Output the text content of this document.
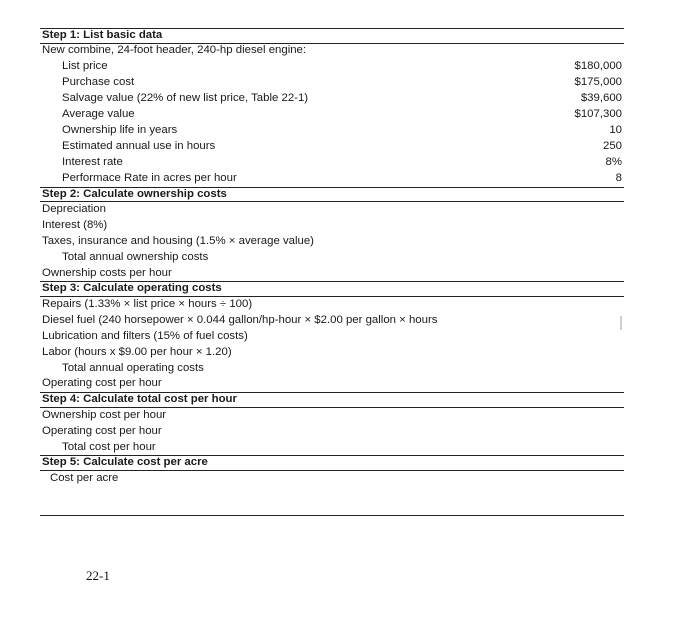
Step 1: List basic data
New combine, 24-foot header, 240-hp diesel engine:
List price	$180,000
Purchase cost	$175,000
Salvage value (22% of new list price, Table 22-1)	$39,600
Average value	$107,300
Ownership life in years	10
Estimated annual use in hours	250
Interest rate	8%
Performace Rate in acres per hour	8
Step 2: Calculate ownership costs
Depreciation
Interest (8%)
Taxes, insurance and housing (1.5% × average value)
Total annual ownership costs
Ownership costs per hour
Step 3: Calculate operating costs
Repairs (1.33% × list price × hours ÷ 100)
Diesel fuel (240 horsepower × 0.044 gallon/hp-hour × $2.00 per gallon × hours
Lubrication and filters (15% of fuel costs)
Labor (hours x $9.00 per hour × 1.20)
Total annual operating costs
Operating cost per hour
Step 4: Calculate total cost per hour
Ownership cost per hour
Operating cost per hour
Total cost per hour
Step 5: Calculate cost per acre
Cost per acre
22-1
